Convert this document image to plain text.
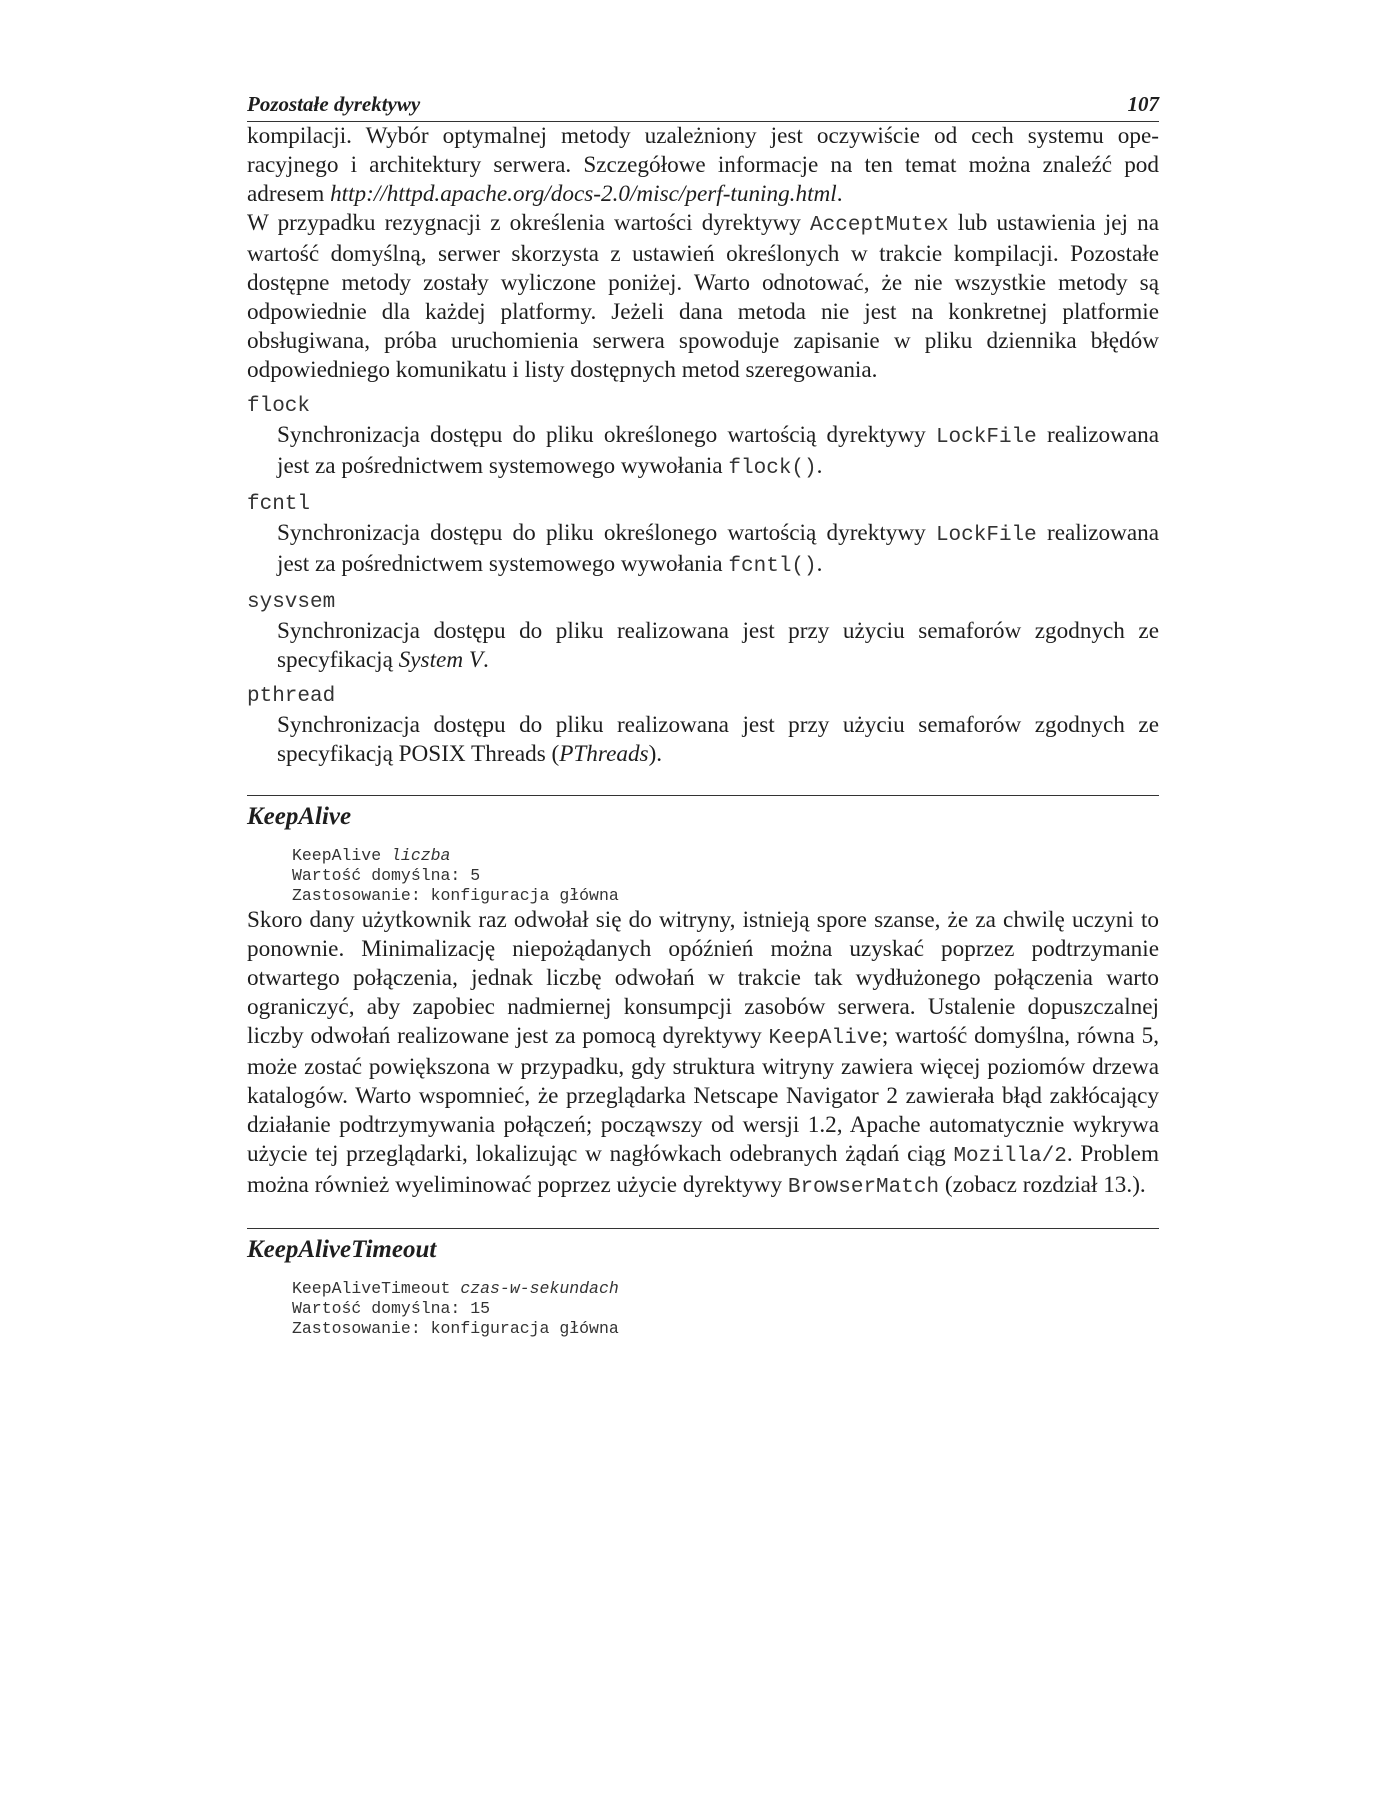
Pozostałe dyrektywy	107

kompilacji. Wybór optymalnej metody uzależniony jest oczywiście od cech systemu operacyjnego i architektury serwera. Szczegółowe informacje na ten temat można znaleźć pod adresem http://httpd.apache.org/docs-2.0/misc/perf-tuning.html.

W przypadku rezygnacji z określenia wartości dyrektywy AcceptMutex lub ustawienia jej na wartość domyślną, serwer skorzysta z ustawień określonych w trakcie kompilacji. Pozostałe dostępne metody zostały wyliczone poniżej. Warto odnotować, że nie wszystkie metody są odpowiednie dla każdej platformy. Jeżeli dana metoda nie jest na konkretnej platformie obsługiwana, próba uruchomienia serwera spowoduje zapisanie w pliku dziennika błędów odpowiedniego komunikatu i listy dostępnych metod szeregowania.

flock

Synchronizacja dostępu do pliku określonego wartością dyrektywy LockFile realizowana jest za pośrednictwem systemowego wywołania flock().

fcntl

Synchronizacja dostępu do pliku określonego wartością dyrektywy LockFile realizowana jest za pośrednictwem systemowego wywołania fcntl().

sysvsem

Synchronizacja dostępu do pliku realizowana jest przy użyciu semaforów zgodnych ze specyfikacją System V.

pthread

Synchronizacja dostępu do pliku realizowana jest przy użyciu semaforów zgodnych ze specyfikacją POSIX Threads (PThreads).

KeepAlive
KeepAlive liczba
Wartość domyślna: 5
Zastosowanie: konfiguracja główna

Skoro dany użytkownik raz odwołał się do witryny, istnieją spore szanse, że za chwilę uczyni to ponownie. Minimalizację niepożądanych opóźnień można uzyskać poprzez podtrzymanie otwartego połączenia, jednak liczbę odwołań w trakcie tak wydłużonego połączenia warto ograniczyć, aby zapobiec nadmiernej konsumpcji zasobów serwera. Ustalenie dopuszczalnej liczby odwołań realizowane jest za pomocą dyrektywy KeepAlive; wartość domyślna, równa 5, może zostać powiększona w przypadku, gdy struktura witryny zawiera więcej poziomów drzewa katalogów. Warto wspomnieć, że przeglądarka Netscape Navigator 2 zawierała błąd zakłócający działanie podtrzymywania połączeń; począwszy od wersji 1.2, Apache automatycznie wykrywa użycie tej przeglądarki, lokalizując w nagłówkach odebranych żądań ciąg Mozilla/2. Problem można również wyeliminować poprzez użycie dyrektywy BrowserMatch (zobacz rozdział 13.).

KeepAliveTimeout
KeepAliveTimeout czas-w-sekundach
Wartość domyślna: 15
Zastosowanie: konfiguracja główna
